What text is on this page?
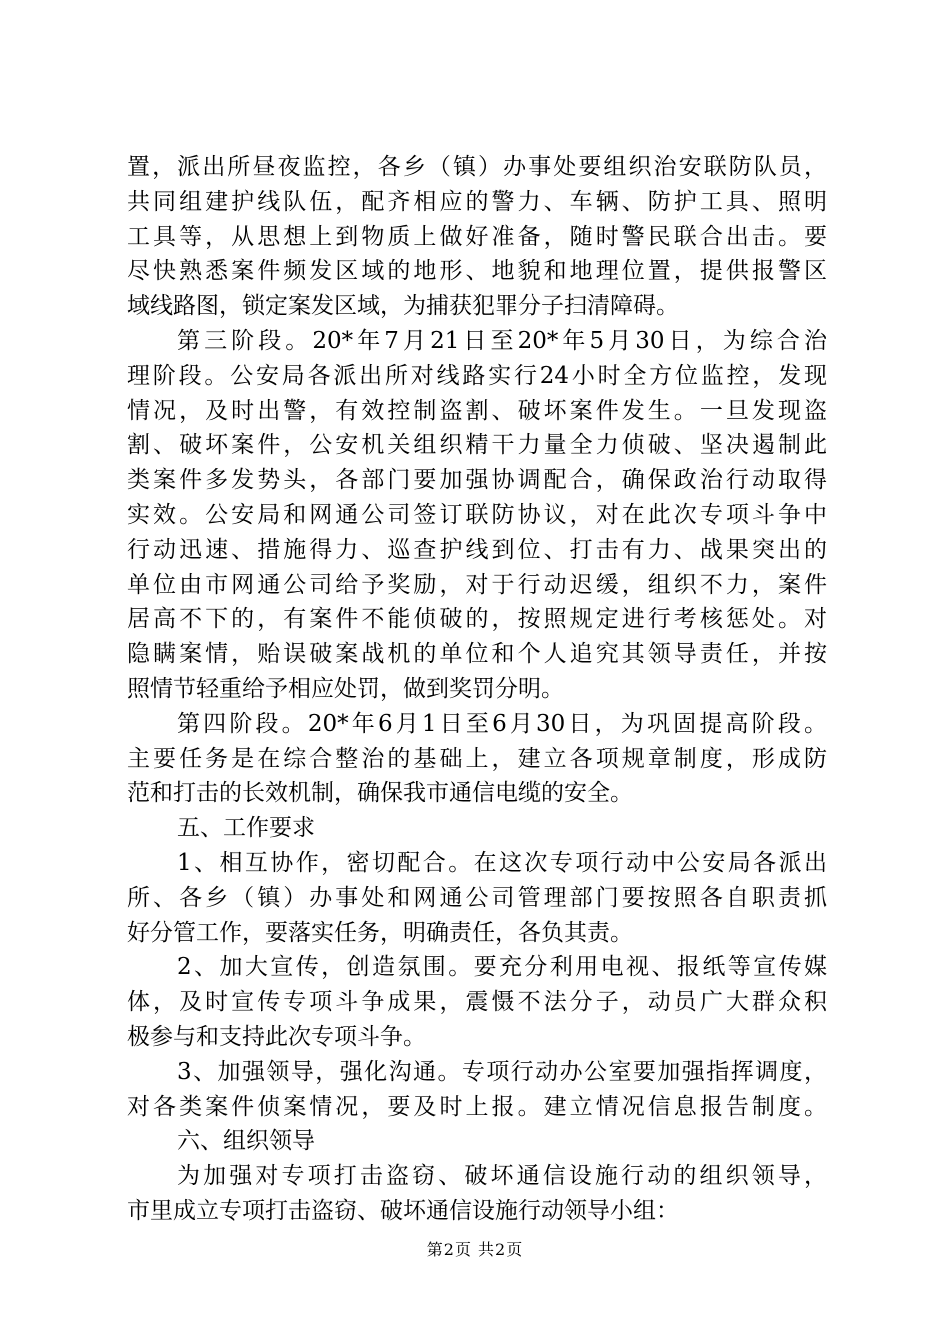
置，派出所昼夜监控，各乡（镇）办事处要组织治安联防队员，
共同组建护线队伍，配齐相应的警力、车辆、防护工具、照明
工具等，从思想上到物质上做好准备，随时警民联合出击。要
尽快熟悉案件频发区域的地形、地貌和地理位置，提供报警区
域线路图，锁定案发区域，为捕获犯罪分子扫清障碍。
第三阶段。20*年7月21日至20*年5月30日，为综合治
理阶段。公安局各派出所对线路实行24小时全方位监控，发现
情况，及时出警，有效控制盗割、破坏案件发生。一旦发现盗
割、破坏案件，公安机关组织精干力量全力侦破、坚决遏制此
类案件多发势头，各部门要加强协调配合，确保政治行动取得
实效。公安局和网通公司签订联防协议，对在此次专项斗争中
行动迅速、措施得力、巡查护线到位、打击有力、战果突出的
单位由市网通公司给予奖励，对于行动迟缓，组织不力，案件
居高不下的，有案件不能侦破的，按照规定进行考核惩处。对
隐瞒案情，贻误破案战机的单位和个人追究其领导责任，并按
照情节轻重给予相应处罚，做到奖罚分明。
第四阶段。20*年6月1日至6月30日，为巩固提高阶段。
主要任务是在综合整治的基础上，建立各项规章制度，形成防
范和打击的长效机制，确保我市通信电缆的安全。
五、工作要求
1、相互协作，密切配合。在这次专项行动中公安局各派出
所、各乡（镇）办事处和网通公司管理部门要按照各自职责抓
好分管工作，要落实任务，明确责任，各负其责。
2、加大宣传，创造氛围。要充分利用电视、报纸等宣传媒
体，及时宣传专项斗争成果，震慑不法分子，动员广大群众积
极参与和支持此次专项斗争。
3、加强领导，强化沟通。专项行动办公室要加强指挥调度，
对各类案件侦案情况，要及时上报。建立情况信息报告制度。
六、组织领导
为加强对专项打击盗窃、破坏通信设施行动的组织领导，
市里成立专项打击盗窃、破坏通信设施行动领导小组：
第2页 共2页
